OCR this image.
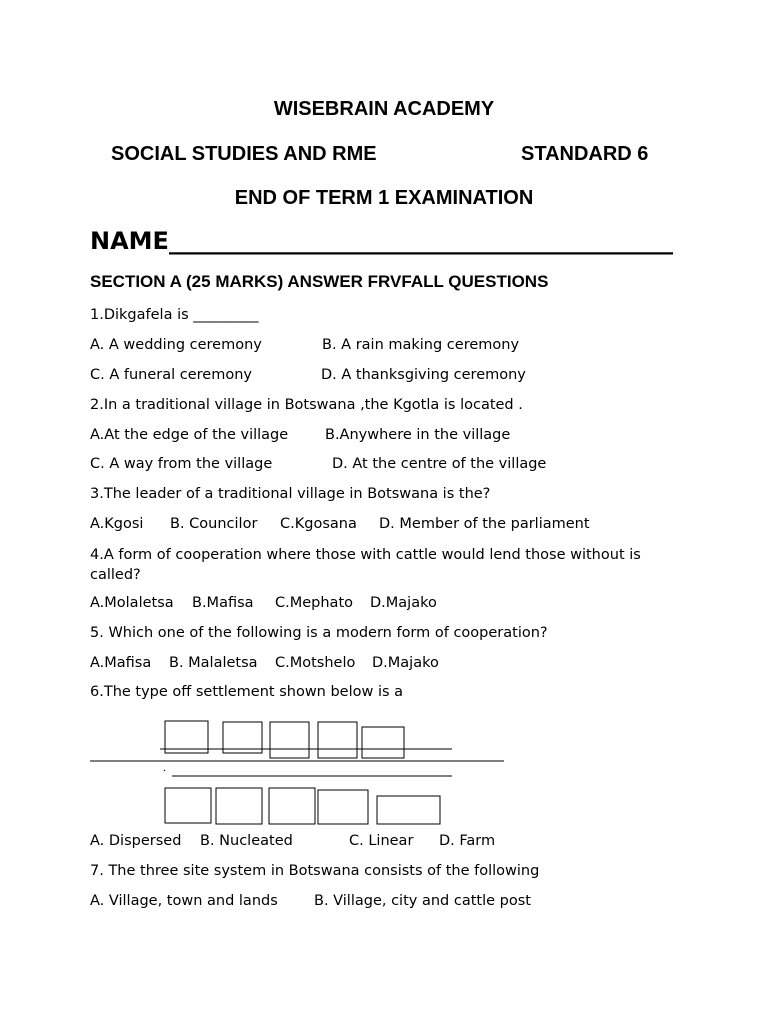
WISEBRAIN ACADEMY
SOCIAL STUDIES AND RME	STANDARD 6
END OF TERM 1 EXAMINATION
NAME__________________________________________
SECTION A (25 MARKS) ANSWER FRVFALL QUESTIONS
1.Dikgafela is _________
A. A wedding ceremony	B. A rain making ceremony
C. A funeral ceremony	D. A thanksgiving ceremony
2.In a traditional village in Botswana ,the Kgotla is located .
A.At the edge of the village	B.Anywhere in the village
C. A way from the village	D. At the centre of the village
3.The leader of a traditional village in Botswana is the?
A.Kgosi B. Councilor C.Kgosana D. Member of the parliament
4.A form of cooperation where those with cattle would lend those without is called?
A.Molaletsa B.Mafisa C.Mephato D.Majako
5. Which one of the following is a modern form of cooperation?
A.Mafisa B. Malaletsa C.Motshelo D.Majako
6.The type off settlement shown below is a
A. Dispersed B. Nucleated	C. Linear D. Farm
7. The three site system in Botswana consists of the following
A. Village, town and lands B. Village, city and cattle post
